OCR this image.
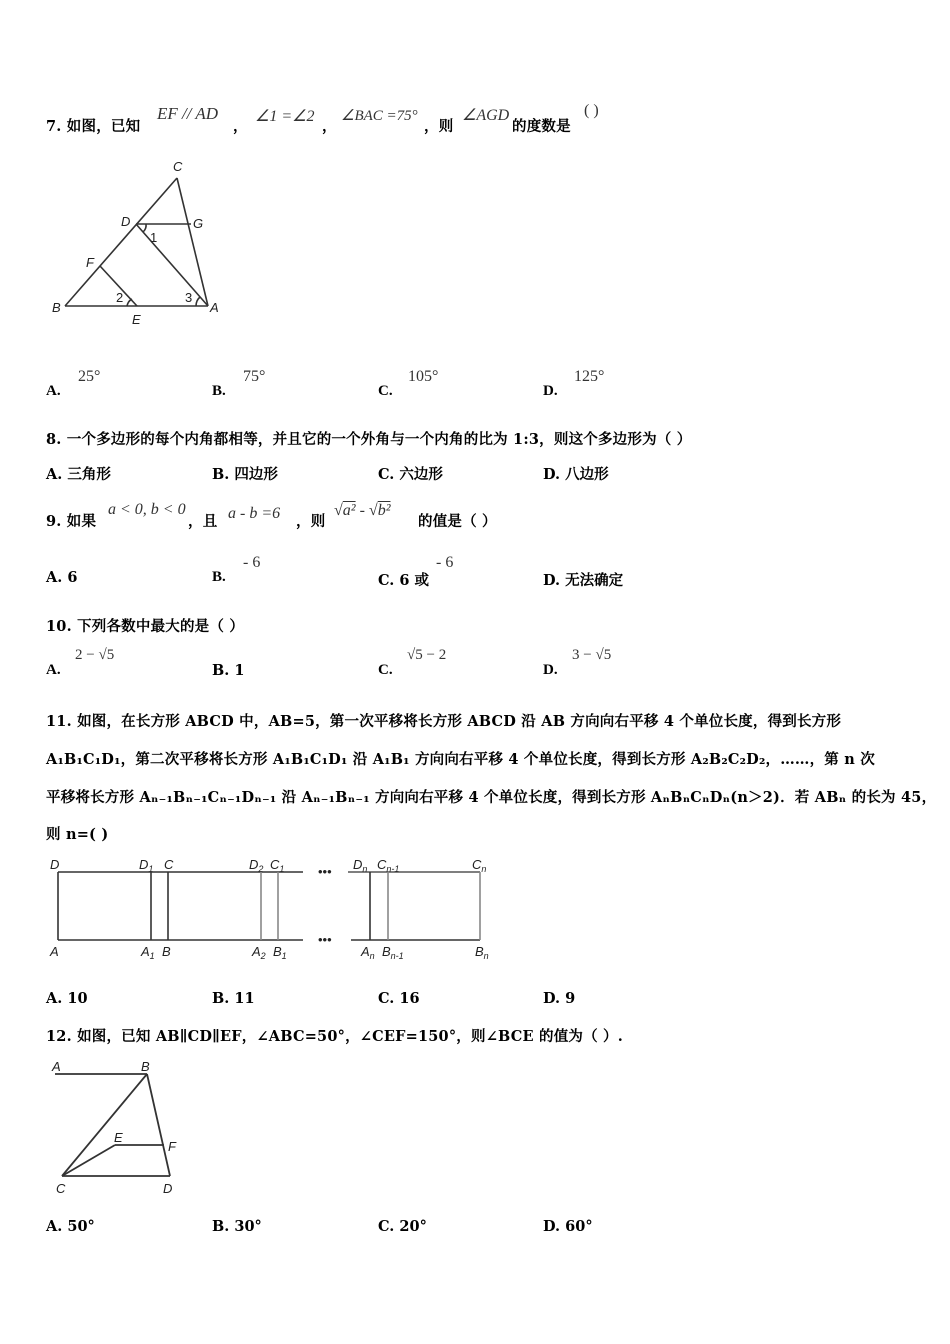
7. 如图，已知
EF // AD
，
∠1 =∠2
，
∠BAC =75°
，则
∠AGD
的度数是
( )
C
D	G
1
F
B
2	3
A
E
A.
25°
B.
75°
C.
105°
D.
125°
8. 一个多边形的每个内角都相等，并且它的一个外角与一个内角的比为 1:3，则这个多边形为（ ）
A. 三角形	B. 四边形	C. 六边形	D. 八边形
9. 如果
a < 0, b < 0
，且 a - b =6 ，则
√a² - √b²
的值是（ ）
A. 6	B.
- 6
C. 6 或
- 6
D. 无法确定
10. 下列各数中最大的是（ ）
A.
2 − √5
B. 1	C.
√5 − 2
D.
3 − √5
11. 如图，在长方形 ABCD 中，AB=5，第一次平移将长方形 ABCD 沿 AB 方向向右平移 4 个单位长度，得到长方形
A₁B₁C₁D₁，第二次平移将长方形 A₁B₁C₁D₁ 沿 A₁B₁ 方向向右平移 4 个单位长度，得到长方形 A₂B₂C₂D₂，……，第 n 次
平移将长方形 Aₙ₋₁Bₙ₋₁Cₙ₋₁Dₙ₋₁ 沿 Aₙ₋₁Bₙ₋₁ 方向向右平移 4 个单位长度，得到长方形 AₙBₙCₙDₙ(n＞2)．若 ABₙ 的长为 45，
则 n=( )
•••
•••
D	$D_1$ C	$D_2$ $C_1$	$D_n$ $C_{n-1}$	$C_n$
A	$A_1$ B	$A_2$ $B_1$	$A_n$ $B_{n-1}$	$B_n$
A. 10	B. 11	C. 16	D. 9
12. 如图，已知 AB∥CD∥EF，∠ABC=50°，∠CEF=150°，则∠BCE 的值为（ ）.
A	B
E
F
C	D
A. 50°	B. 30°	C. 20°	D. 60°
